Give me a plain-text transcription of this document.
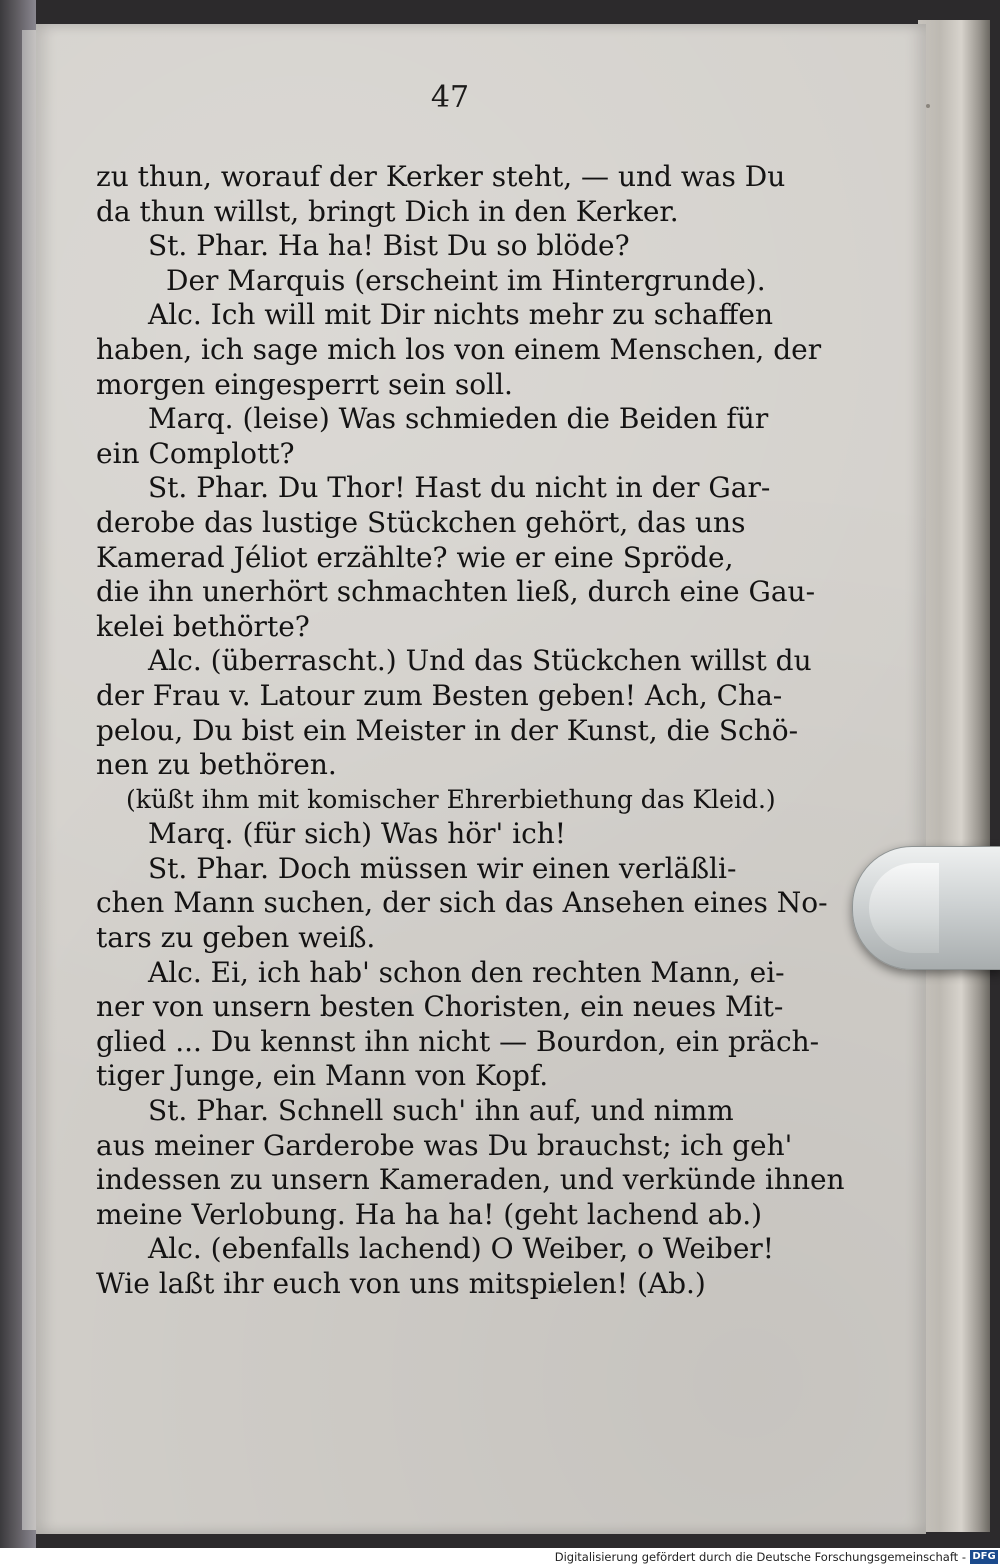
47
zu thun, worauf der Kerker steht, — und was Du
da thun willst, bringt Dich in den Kerker.
St. Phar. Ha ha! Bist Du so blöde?
Der Marquis (erscheint im Hintergrunde).
Alc. Ich will mit Dir nichts mehr zu schaffen
haben, ich sage mich los von einem Menschen, der
morgen eingesperrt sein soll.
Marq. (leise) Was schmieden die Beiden für
ein Complott?
St. Phar. Du Thor! Hast du nicht in der Gar-
derobe das lustige Stückchen gehört, das uns
Kamerad Jéliot erzählte? wie er eine Spröde,
die ihn unerhört schmachten ließ, durch eine Gau-
kelei bethörte?
Alc. (überrascht.) Und das Stückchen willst du
der Frau v. Latour zum Besten geben! Ach, Cha-
pelou, Du bist ein Meister in der Kunst, die Schö-
nen zu bethören.
(küßt ihm mit komischer Ehrerbiethung das Kleid.)
Marq. (für sich) Was hör' ich!
St. Phar. Doch müssen wir einen verläßli-
chen Mann suchen, der sich das Ansehen eines No-
tars zu geben weiß.
Alc. Ei, ich hab' schon den rechten Mann, ei-
ner von unsern besten Choristen, ein neues Mit-
glied ... Du kennst ihn nicht — Bourdon, ein präch-
tiger Junge, ein Mann von Kopf.
St. Phar. Schnell such' ihn auf, und nimm
aus meiner Garderobe was Du brauchst; ich geh'
indessen zu unsern Kameraden, und verkünde ihnen
meine Verlobung. Ha ha ha! (geht lachend ab.)
Alc. (ebenfalls lachend) O Weiber, o Weiber!
Wie laßt ihr euch von uns mitspielen! (Ab.)
Digitalisierung gefördert durch die Deutsche Forschungsgemeinschaft - DFG
